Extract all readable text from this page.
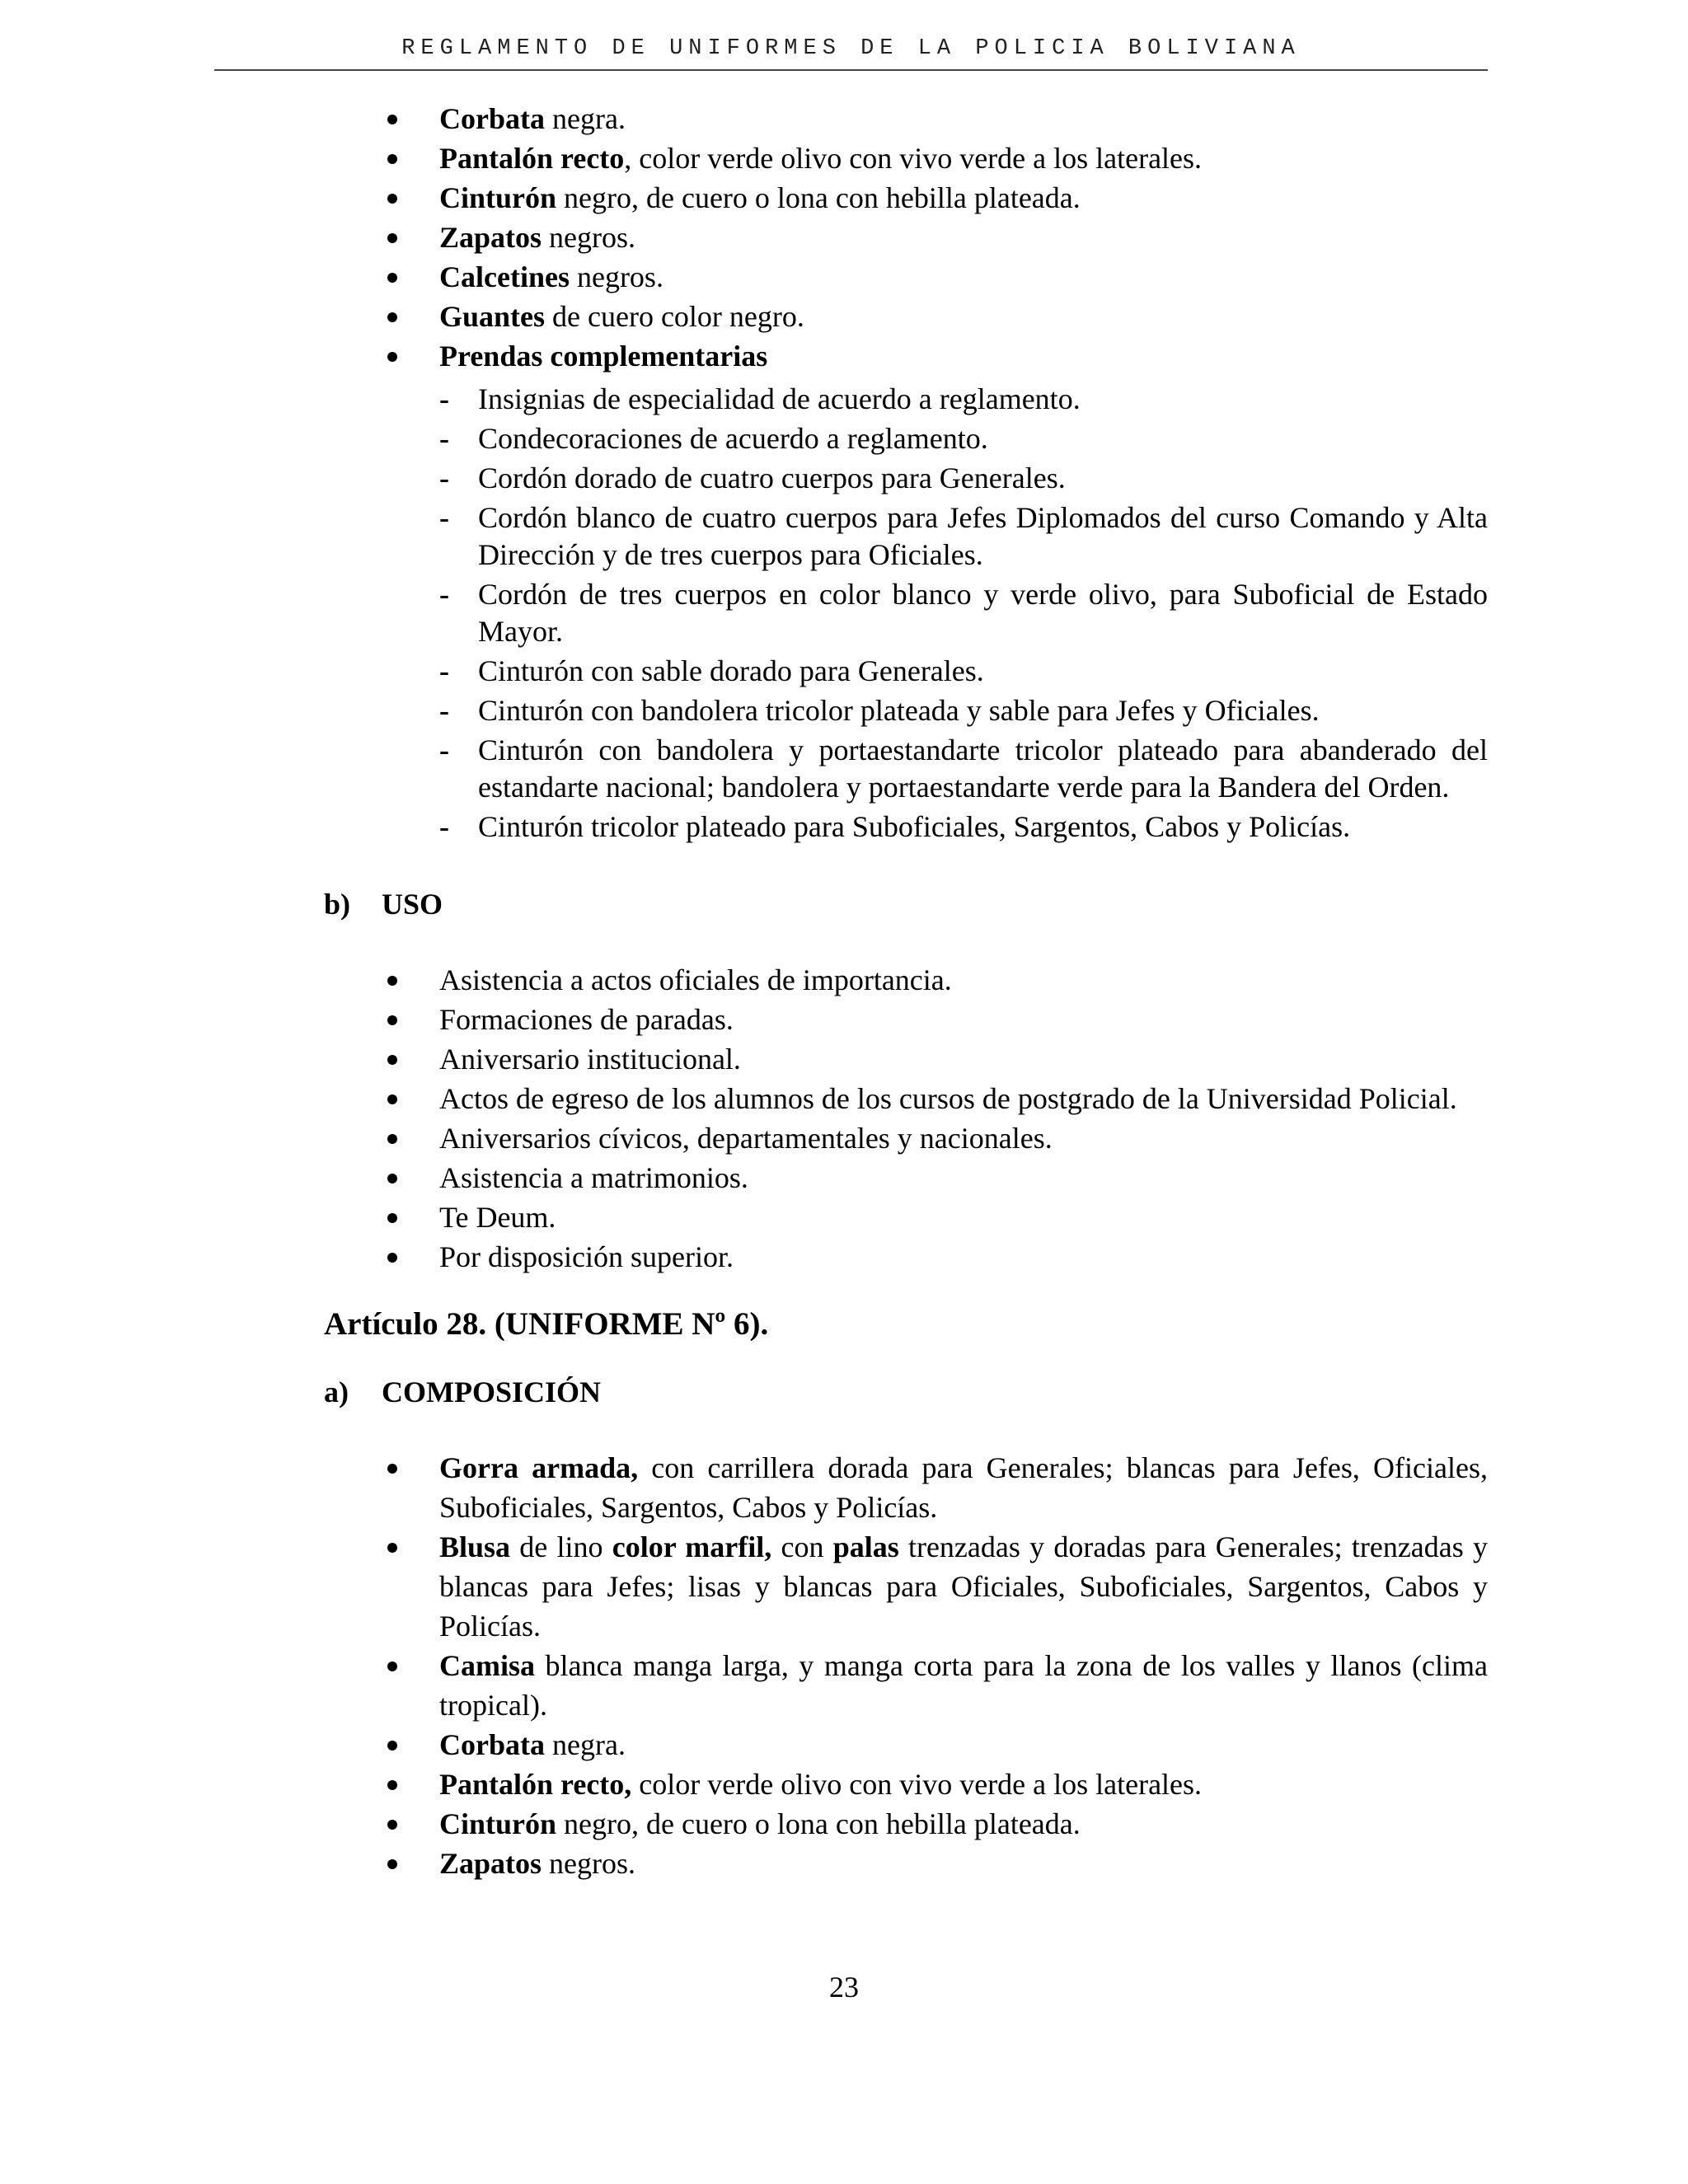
REGLAMENTO DE UNIFORMES DE LA POLICIA BOLIVIANA
Corbata negra.
Pantalón recto, color verde olivo con vivo verde a los laterales.
Cinturón negro, de cuero o lona con hebilla plateada.
Zapatos negros.
Calcetines negros.
Guantes de cuero color negro.
Prendas complementarias
- Insignias de especialidad de acuerdo a reglamento.
- Condecoraciones de acuerdo a reglamento.
- Cordón dorado de cuatro cuerpos para Generales.
- Cordón blanco de cuatro cuerpos para Jefes Diplomados del curso Comando y Alta Dirección y de tres cuerpos para Oficiales.
- Cordón de tres cuerpos en color blanco y verde olivo, para Suboficial de Estado Mayor.
- Cinturón con sable dorado para Generales.
- Cinturón con bandolera tricolor plateada y sable para Jefes y Oficiales.
- Cinturón con bandolera y portaestandarte tricolor plateado para abanderado del estandarte nacional; bandolera y portaestandarte verde para la Bandera del Orden.
- Cinturón tricolor plateado para Suboficiales, Sargentos, Cabos y Policías.
b) USO
Asistencia a actos oficiales de importancia.
Formaciones de paradas.
Aniversario institucional.
Actos de egreso de los alumnos de los cursos de postgrado de la Universidad Policial.
Aniversarios cívicos, departamentales y nacionales.
Asistencia a matrimonios.
Te Deum.
Por disposición superior.
Artículo 28. (UNIFORME Nº 6).
a) COMPOSICIÓN
Gorra armada, con carrillera dorada para Generales; blancas para Jefes, Oficiales, Suboficiales, Sargentos, Cabos y Policías.
Blusa de lino color marfil, con palas trenzadas y doradas para Generales; trenzadas y blancas para Jefes; lisas y blancas para Oficiales, Suboficiales, Sargentos, Cabos y Policías.
Camisa blanca manga larga, y manga corta para la zona de los valles y llanos (clima tropical).
Corbata negra.
Pantalón recto, color verde olivo con vivo verde a los laterales.
Cinturón negro, de cuero o lona con hebilla plateada.
Zapatos negros.
23
